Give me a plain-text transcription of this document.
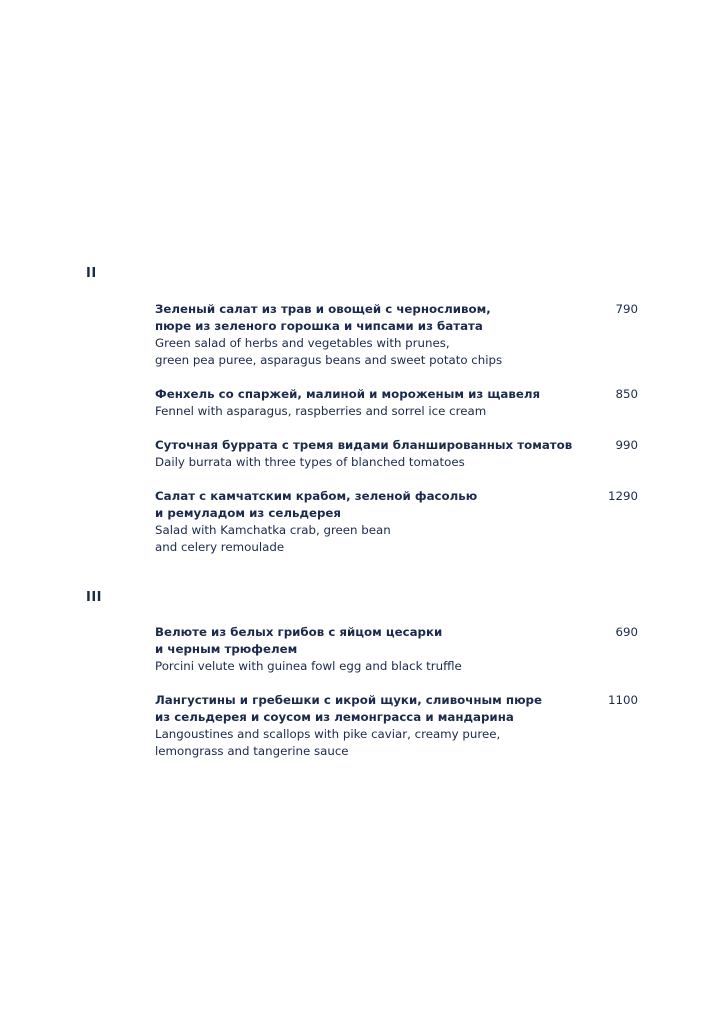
II
Зеленый салат из трав и овощей с черносливом,
пюре из зеленого горошка и чипсами из батата
Green salad of herbs and vegetables with prunes,
green pea puree, asparagus beans and sweet potato chips
790
Фенхель со спаржей, малиной и мороженым из щавеля
Fennel with asparagus, raspberries and sorrel ice cream
850
Суточная буррата с тремя видами бланшированных томатов
Daily burrata with three types of blanched tomatoes
990
Салат с камчатским крабом, зеленой фасолью
и ремуладом из сельдерея
Salad with Kamchatka crab, green bean
and celery remoulade
1290
III
Велюте из белых грибов с яйцом цесарки
и черным трюфелем
Porcini velute with guinea fowl egg and black truffle
690
Лангустины и гребешки с икрой щуки, сливочным пюре
из сельдерея и соусом из лемонграсса и мандарина
Langoustines and scallops with pike caviar, creamy puree,
lemongrass and tangerine sauce
1100
